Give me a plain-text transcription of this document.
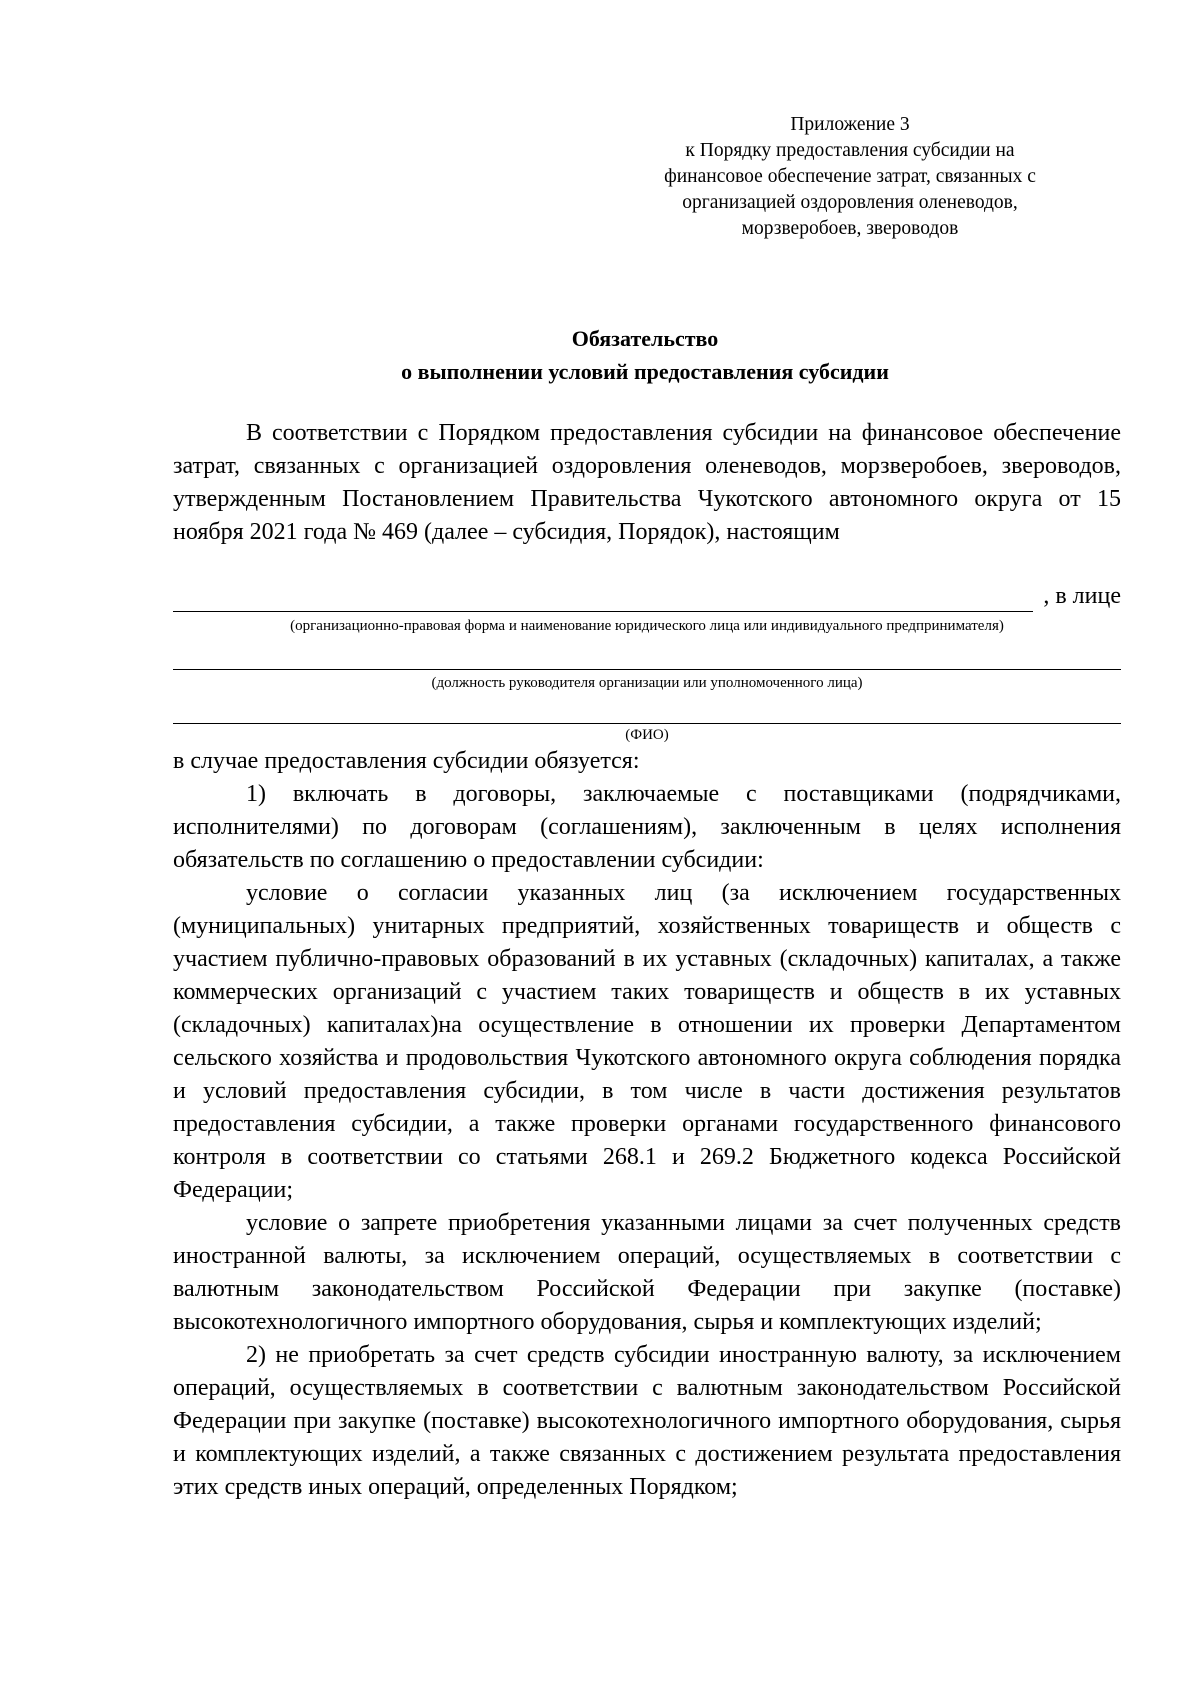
Приложение 3
к Порядку предоставления субсидии на
финансовое обеспечение затрат, связанных с
организацией оздоровления оленеводов,
морзверобоев, звероводов
Обязательство
о выполнении условий предоставления субсидии
В соответствии с Порядком предоставления субсидии на финансовое обеспечение затрат, связанных с организацией оздоровления оленеводов, морзверобоев, звероводов, утвержденным Постановлением Правительства Чукотского автономного округа от 15 ноября 2021 года № 469 (далее – субсидия, Порядок), настоящим
, в лице
(организационно-правовая форма и наименование юридического лица или индивидуального предпринимателя)
(должность руководителя организации или уполномоченного лица)
(ФИО)

в случае предоставления субсидии обязуется:

1) включать в договоры, заключаемые с поставщиками (подрядчиками, исполнителями) по договорам (соглашениям), заключенным в целях исполнения обязательств по соглашению о предоставлении субсидии:

условие о согласии указанных лиц (за исключением государственных (муниципальных) унитарных предприятий, хозяйственных товариществ и обществ с участием публично-правовых образований в их уставных (складочных) капиталах, а также коммерческих организаций с участием таких товариществ и обществ в их уставных (складочных) капиталах)на осуществление в отношении их проверки Департаментом сельского хозяйства и продовольствия Чукотского автономного округа соблюдения порядка и условий предоставления субсидии, в том числе в части достижения результатов предоставления субсидии, а также проверки органами государственного финансового контроля в соответствии со статьями 268.1 и 269.2 Бюджетного кодекса Российской Федерации;

условие о запрете приобретения указанными лицами за счет полученных средств иностранной валюты, за исключением операций, осуществляемых в соответствии с валютным законодательством Российской Федерации при закупке (поставке) высокотехнологичного импортного оборудования, сырья и комплектующих изделий;

2) не приобретать за счет средств субсидии иностранную валюту, за исключением операций, осуществляемых в соответствии с валютным законодательством Российской Федерации при закупке (поставке) высокотехнологичного импортного оборудования, сырья и комплектующих изделий, а также связанных с достижением результата предоставления этих средств иных операций, определенных Порядком;
